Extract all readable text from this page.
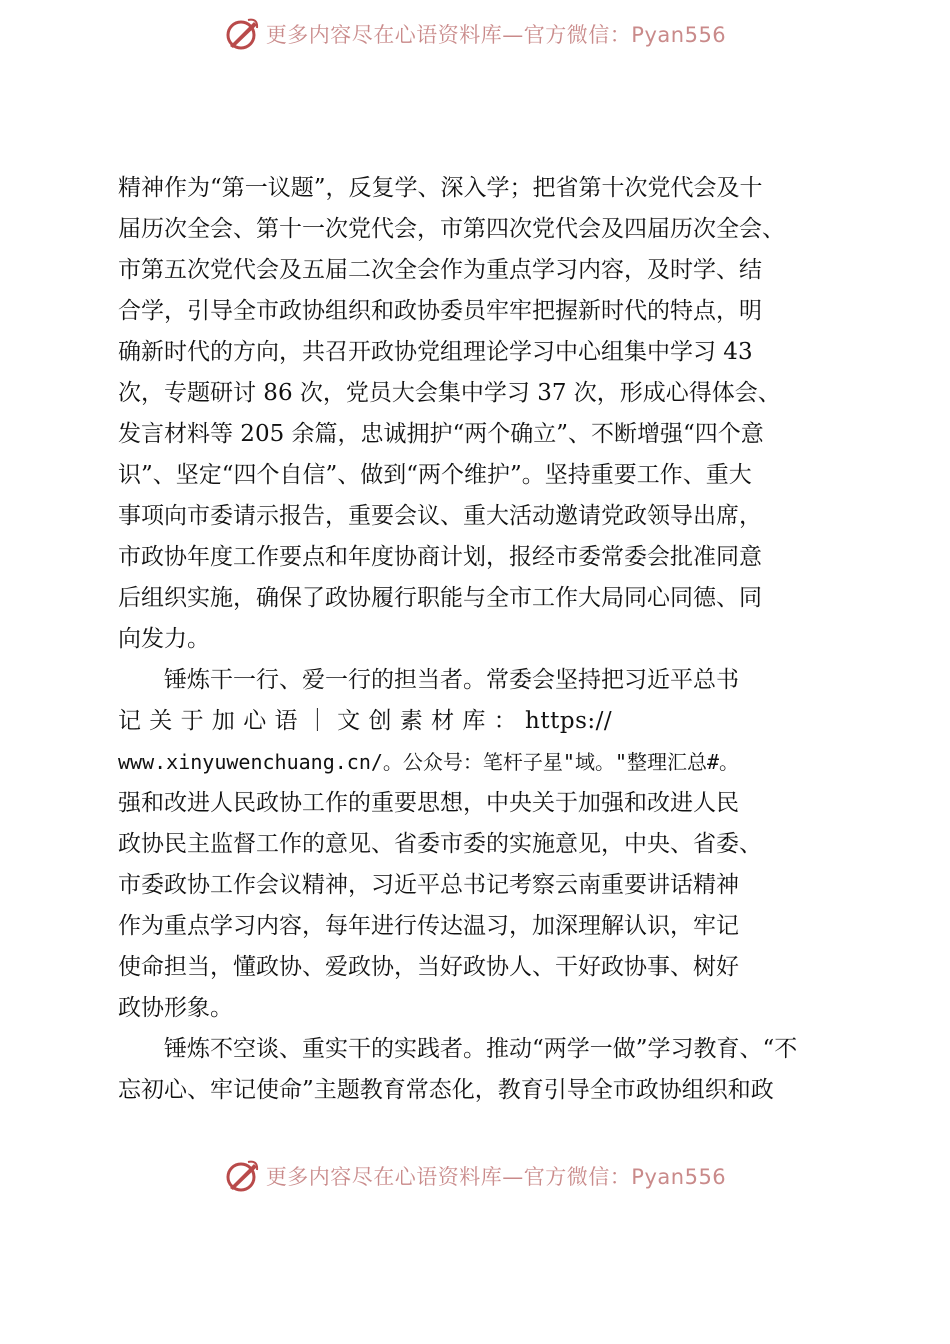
更多内容尽在心语资料库—官方微信：Pyan556
精神作为“第一议题”，反复学、深入学；把省第十次党代会及十
届历次全会、第十一次党代会，市第四次党代会及四届历次全会、
市第五次党代会及五届二次全会作为重点学习内容，及时学、结
合学，引导全市政协组织和政协委员牢牢把握新时代的特点，明
确新时代的方向，共召开政协党组理论学习中心组集中学习 43
次，专题研讨 86 次，党员大会集中学习 37 次，形成心得体会、
发言材料等 205 余篇，忠诚拥护“两个确立”、不断增强“四个意
识”、坚定“四个自信”、做到“两个维护”。坚持重要工作、重大
事项向市委请示报告，重要会议、重大活动邀请党政领导出席，
市政协年度工作要点和年度协商计划，报经市委常委会批准同意
后组织实施，确保了政协履行职能与全市工作大局同心同德、同
向发力。
　　锤炼干一行、爱一行的担当者。常委会坚持把习近平总书
记 关 于 加 心 语 ｜ 文 创 素 材 库 ： https://
www.xinyuwenchuang.cn/。公众号：笔杆子星"域。"整理汇总#。
强和改进人民政协工作的重要思想，中央关于加强和改进人民
政协民主监督工作的意见、省委市委的实施意见，中央、省委、
市委政协工作会议精神，习近平总书记考察云南重要讲话精神
作为重点学习内容，每年进行传达温习，加深理解认识，牢记
使命担当，懂政协、爱政协，当好政协人、干好政协事、树好
政协形象。
　　锤炼不空谈、重实干的实践者。推动“两学一做”学习教育、“不
忘初心、牢记使命”主题教育常态化，教育引导全市政协组织和政
更多内容尽在心语资料库—官方微信：Pyan556
